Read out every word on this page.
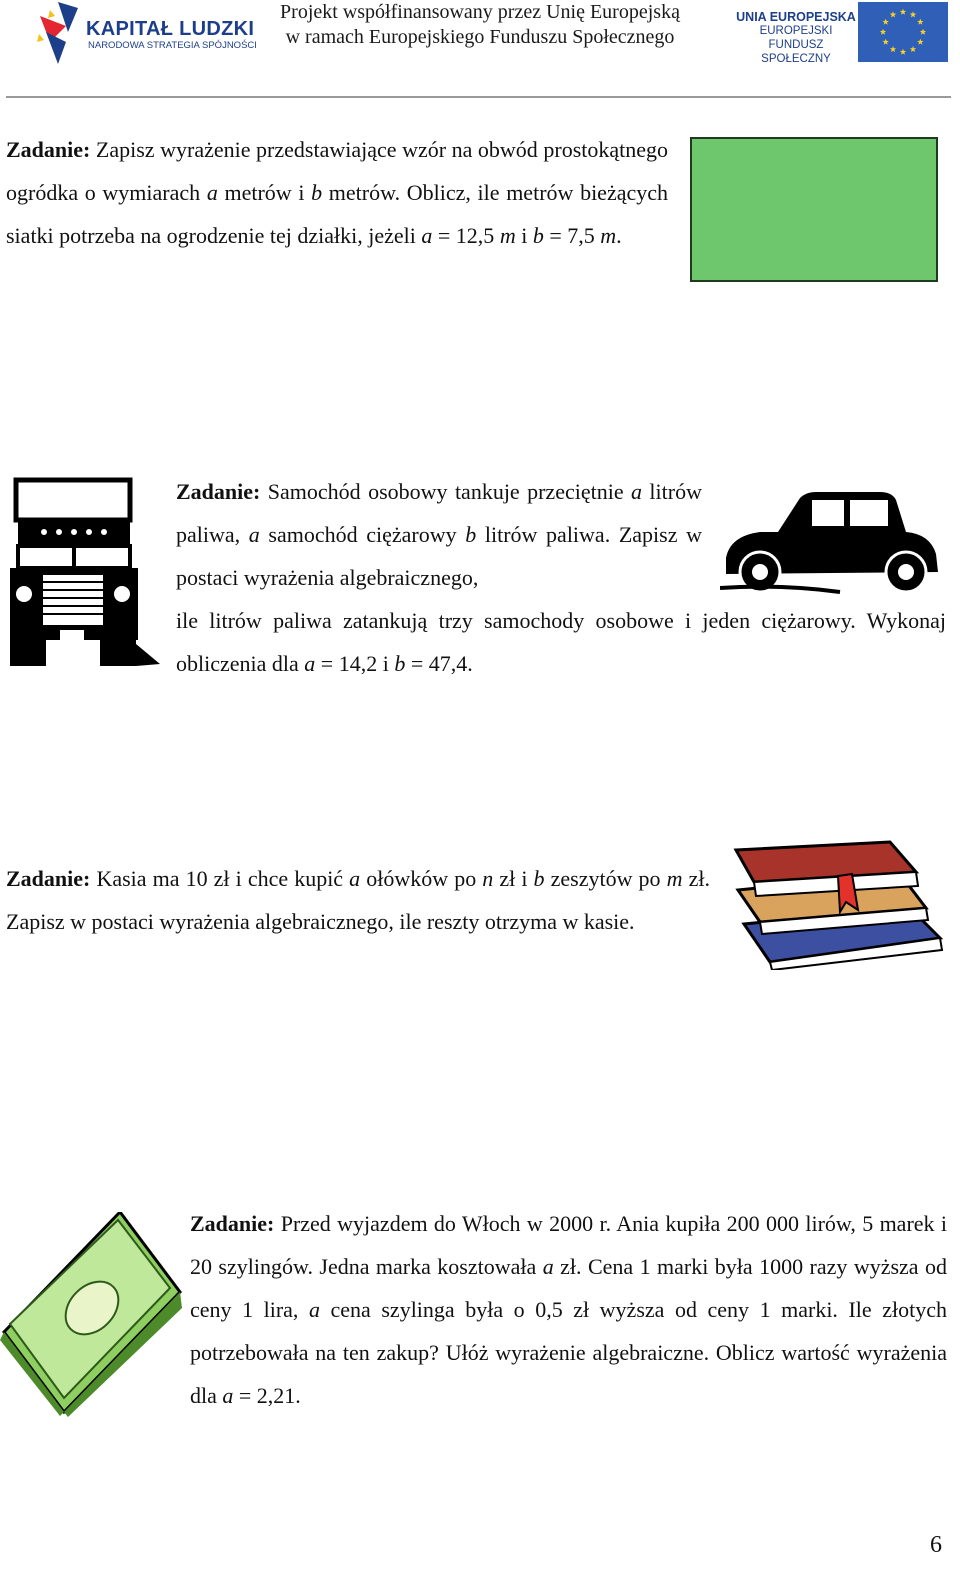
KAPITAŁ LUDZKI
NARODOWA STRATEGIA SPÓJNOŚCI
Projekt współfinansowany przez Unię Europejską
w ramach Europejskiego Funduszu Społecznego
UNIA EUROPEJSKA
EUROPEJSKI
FUNDUSZ SPOŁECZNY
Zadanie: Zapisz wyrażenie przedstawiające wzór na obwód prostokątnego ogródka o wymiarach a metrów i b metrów. Oblicz, ile metrów bieżących siatki potrzeba na ogrodzenie tej działki, jeżeli a = 12,5 m i b = 7,5 m.
Zadanie: Samochód osobowy tankuje przeciętnie a litrów paliwa, a samochód ciężarowy b litrów paliwa. Zapisz w postaci wyrażenia algebraicznego,
ile litrów paliwa zatankują trzy samochody osobowe i jeden ciężarowy. Wykonaj obliczenia dla a = 14,2 i b = 47,4.
Zadanie: Kasia ma 10 zł i chce kupić a ołówków po n zł i b zeszytów po m zł. Zapisz w postaci wyrażenia algebraicznego, ile reszty otrzyma w kasie.
Zadanie: Przed wyjazdem do Włoch w 2000 r. Ania kupiła 200 000 lirów, 5 marek i 20 szylingów. Jedna marka kosztowała a zł. Cena 1 marki była 1000 razy wyższa od ceny 1 lira, a cena szylinga była o 0,5 zł wyższa od ceny 1 marki. Ile złotych potrzebowała na ten zakup? Ułóż wyrażenie algebraiczne. Oblicz wartość wyrażenia dla a = 2,21.
6
